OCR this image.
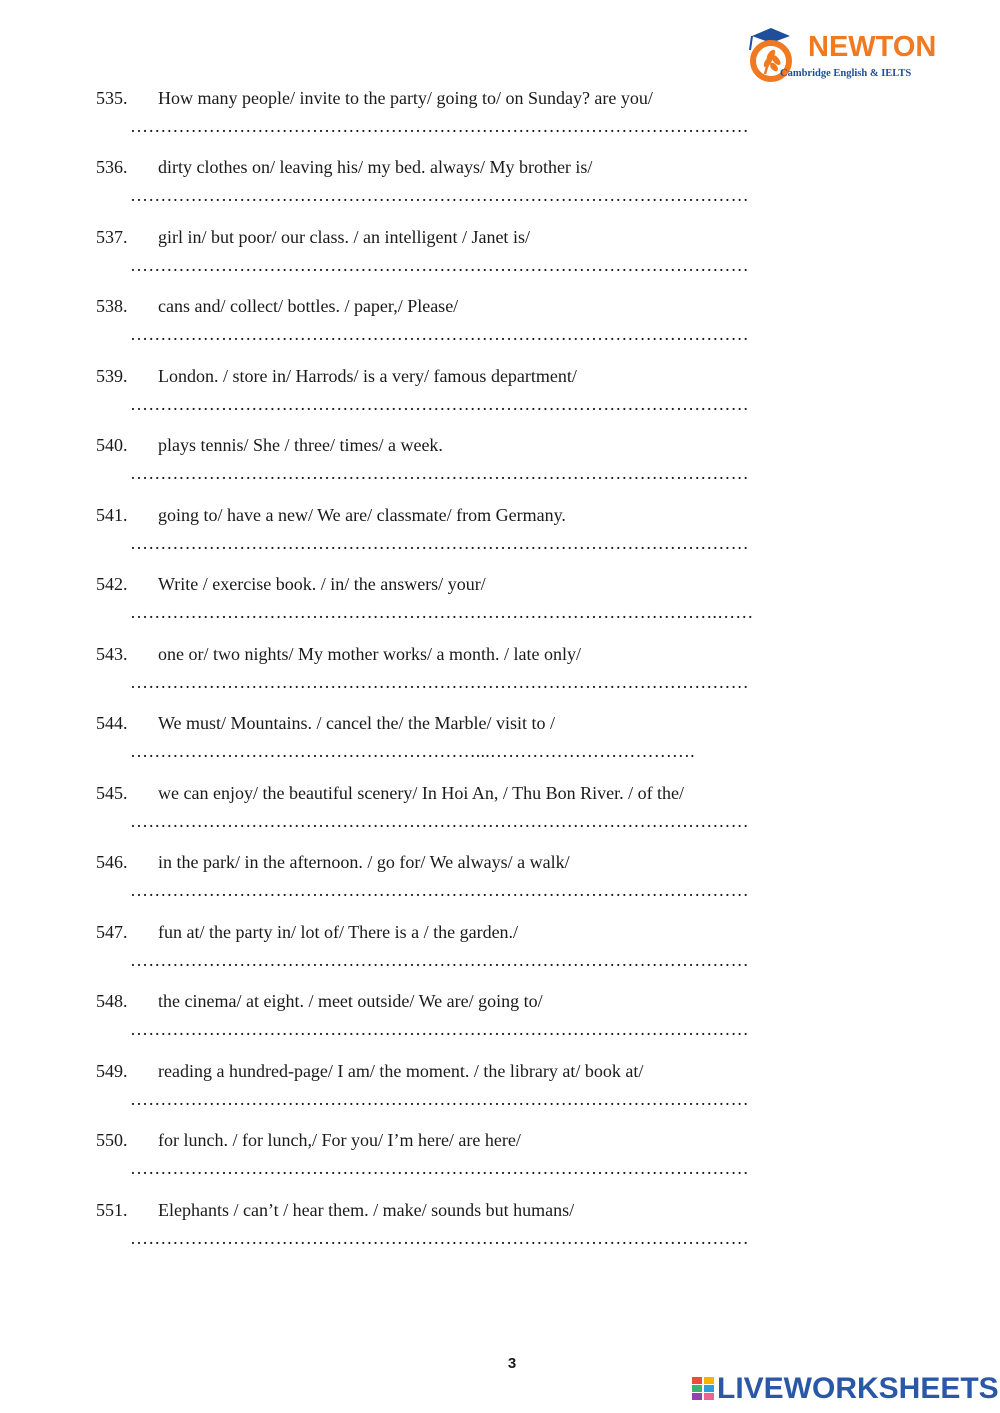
NEWTON
Cambridge English & IELTS
535. How many people/ invite to the party/ going to/ on Sunday? are you/
…………………………………………………………………………………………
536. dirty clothes on/ leaving his/ my bed. always/ My brother is/
…………………………………………………………………………………………
537. girl in/ but poor/ our class. / an intelligent / Janet is/
…………………………………………………………………………………………
538. cans and/ collect/ bottles. / paper,/ Please/
…………………………………………………………………………………………
539. London. / store in/ Harrods/ is a very/ famous department/
…………………………………………………………………………………………
540. plays tennis/ She / three/ times/ a week.
…………………………………………………………………………………………
541. going to/ have a new/ We are/ classmate/ from Germany.
…………………………………………………………………………………………
542. Write / exercise book. / in/ the answers/ your/
…………………………………………………………………………………….……
543. one or/ two nights/ My mother works/ a month. / late only/
…………………………………………………………………………………………
544. We must/ Mountains. / cancel the/ the Marble/ visit to /
…………………………………………………...…………………………….
545. we can enjoy/ the beautiful scenery/ In Hoi An, / Thu Bon River. / of the/
…………………………………………………………………………………………
546. in the park/ in the afternoon. / go for/ We always/ a walk/
…………………………………………………………………………………………
547. fun at/ the party in/ lot of/ There is a / the garden./
…………………………………………………………………………………………
548. the cinema/ at eight. / meet outside/ We are/ going to/
…………………………………………………………………………………………
549. reading a hundred-page/ I am/ the moment. / the library at/ book at/
…………………………………………………………………………………………
550. for lunch. / for lunch,/ For you/ I’m here/ are here/
…………………………………………………………………………………………
551. Elephants / can’t / hear them. / make/ sounds but humans/
…………………………………………………………………………………………
3
LIVEWORKSHEETS
